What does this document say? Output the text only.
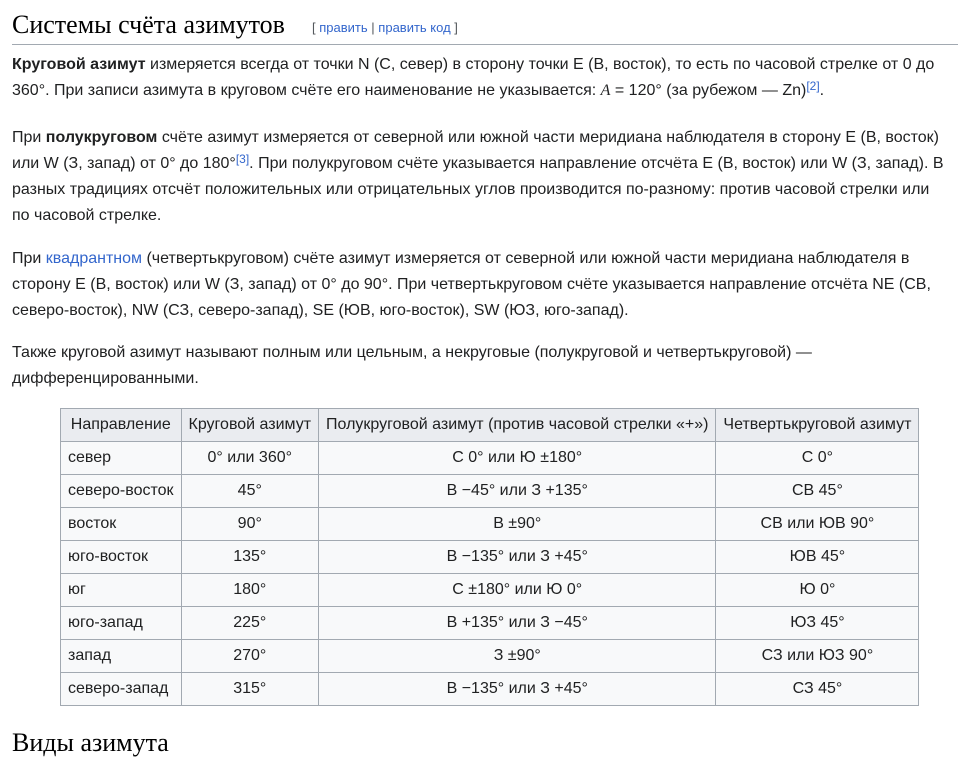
Системы счёта азимутов [ править | править код ]

Круговой азимут измеряется всегда от точки N (С, север) в сторону точки E (В, восток), то есть по часовой стрелке от 0 до 360°. При записи азимута в круговом счёте его наименование не указывается: A = 120° (за рубежом — Zn)[2].

При полукруговом счёте азимут измеряется от северной или южной части меридиана наблюдателя в сторону E (В, восток) или W (З, запад) от 0° до 180°[3]. При полукруговом счёте указывается направление отсчёта E (В, восток) или W (З, запад). В разных традициях отсчёт положительных или отрицательных углов производится по-разному: против часовой стрелки или по часовой стрелке.

При квадрантном (четвертькруговом) счёте азимут измеряется от северной или южной части меридиана наблюдателя в сторону E (В, восток) или W (З, запад) от 0° до 90°. При четвертькруговом счёте указывается направление отсчёта NE (СВ, северо-восток), NW (СЗ, северо-запад), SE (ЮВ, юго-восток), SW (ЮЗ, юго-запад).

Также круговой азимут называют полным или цельным, а некруговые (полукруговой и четвертькруговой) — дифференцированными.

Направление	Круговой азимут	Полукруговой азимут (против часовой стрелки «+»)	Четвертькруговой азимут
север	0° или 360°	С 0° или Ю ±180°	С 0°
северо-восток	45°	В −45° или З +135°	СВ 45°
восток	90°	В ±90°	СВ или ЮВ 90°
юго-восток	135°	В −135° или З +45°	ЮВ 45°
юг	180°	С ±180° или Ю 0°	Ю 0°
юго-запад	225°	В +135° или З −45°	ЮЗ 45°
запад	270°	З ±90°	СЗ или ЮЗ 90°
северо-запад	315°	В −135° или З +45°	СЗ 45°
Виды азимута
